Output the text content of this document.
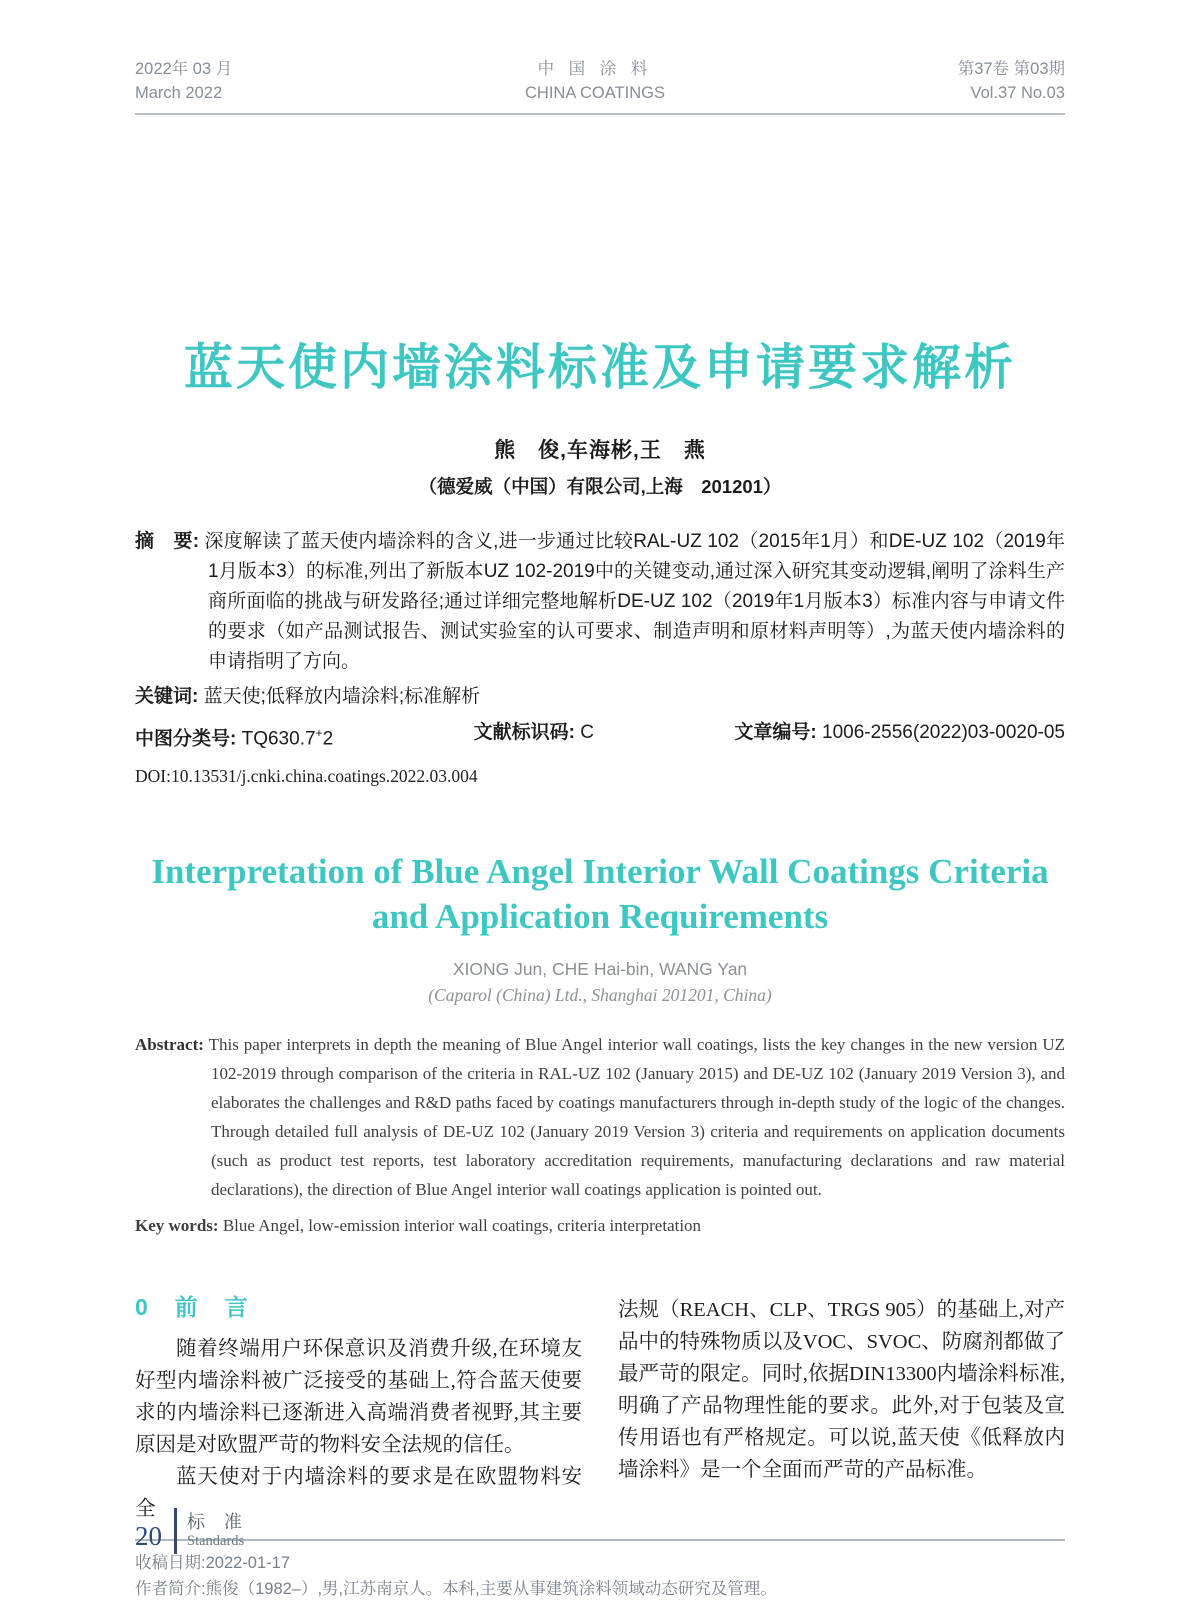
2022年 03 月
March 2022
中 国 涂 料
CHINA COATINGS
第37卷 第03期
Vol.37 No.03
蓝天使内墙涂料标准及申请要求解析
熊　俊,车海彬,王　燕
（德爱威（中国）有限公司,上海　201201）

摘　要: 深度解读了蓝天使内墙涂料的含义,进一步通过比较RAL-UZ 102（2015年1月）和DE-UZ 102（2019年1月版本3）的标准,列出了新版本UZ 102-2019中的关键变动,通过深入研究其变动逻辑,阐明了涂料生产商所面临的挑战与研发路径;通过详细完整地解析DE-UZ 102（2019年1月版本3）标准内容与申请文件的要求（如产品测试报告、测试实验室的认可要求、制造声明和原材料声明等）,为蓝天使内墙涂料的申请指明了方向。

关键词: 蓝天使;低释放内墙涂料;标准解析

中图分类号: TQ630.7+2	文献标识码: C	文章编号: 1006-2556(2022)03-0020-05
DOI:10.13531/j.cnki.china.coatings.2022.03.004
Interpretation of Blue Angel Interior Wall Coatings Criteria
and Application Requirements
XIONG Jun, CHE Hai-bin, WANG Yan
(Caparol (China) Ltd., Shanghai 201201, China)

Abstract: This paper interprets in depth the meaning of Blue Angel interior wall coatings, lists the key changes in the new version UZ 102-2019 through comparison of the criteria in RAL-UZ 102 (January 2015) and DE-UZ 102 (January 2019 Version 3), and elaborates the challenges and R&D paths faced by coatings manufacturers through in-depth study of the logic of the changes. Through detailed full analysis of DE-UZ 102 (January 2019 Version 3) criteria and requirements on application documents (such as product test reports, test laboratory accreditation requirements, manufacturing declarations and raw material declarations), the direction of Blue Angel interior wall coatings application is pointed out.

Key words: Blue Angel, low-emission interior wall coatings, criteria interpretation

0　前　言

随着终端用户环保意识及消费升级,在环境友好型内墙涂料被广泛接受的基础上,符合蓝天使要求的内墙涂料已逐渐进入高端消费者视野,其主要原因是对欧盟严苛的物料安全法规的信任。

蓝天使对于内墙涂料的要求是在欧盟物料安全

法规（REACH、CLP、TRGS 905）的基础上,对产品中的特殊物质以及VOC、SVOC、防腐剂都做了最严苛的限定。同时,依据DIN13300内墙涂料标准,明确了产品物理性能的要求。此外,对于包装及宣传用语也有严格规定。可以说,蓝天使《低释放内墙涂料》是一个全面而严苛的产品标准。

收稿日期:2022-01-17
作者简介:熊俊（1982–）,男,江苏南京人。本科,主要从事建筑涂料领域动态研究及管理。
20 标 准
Standards
